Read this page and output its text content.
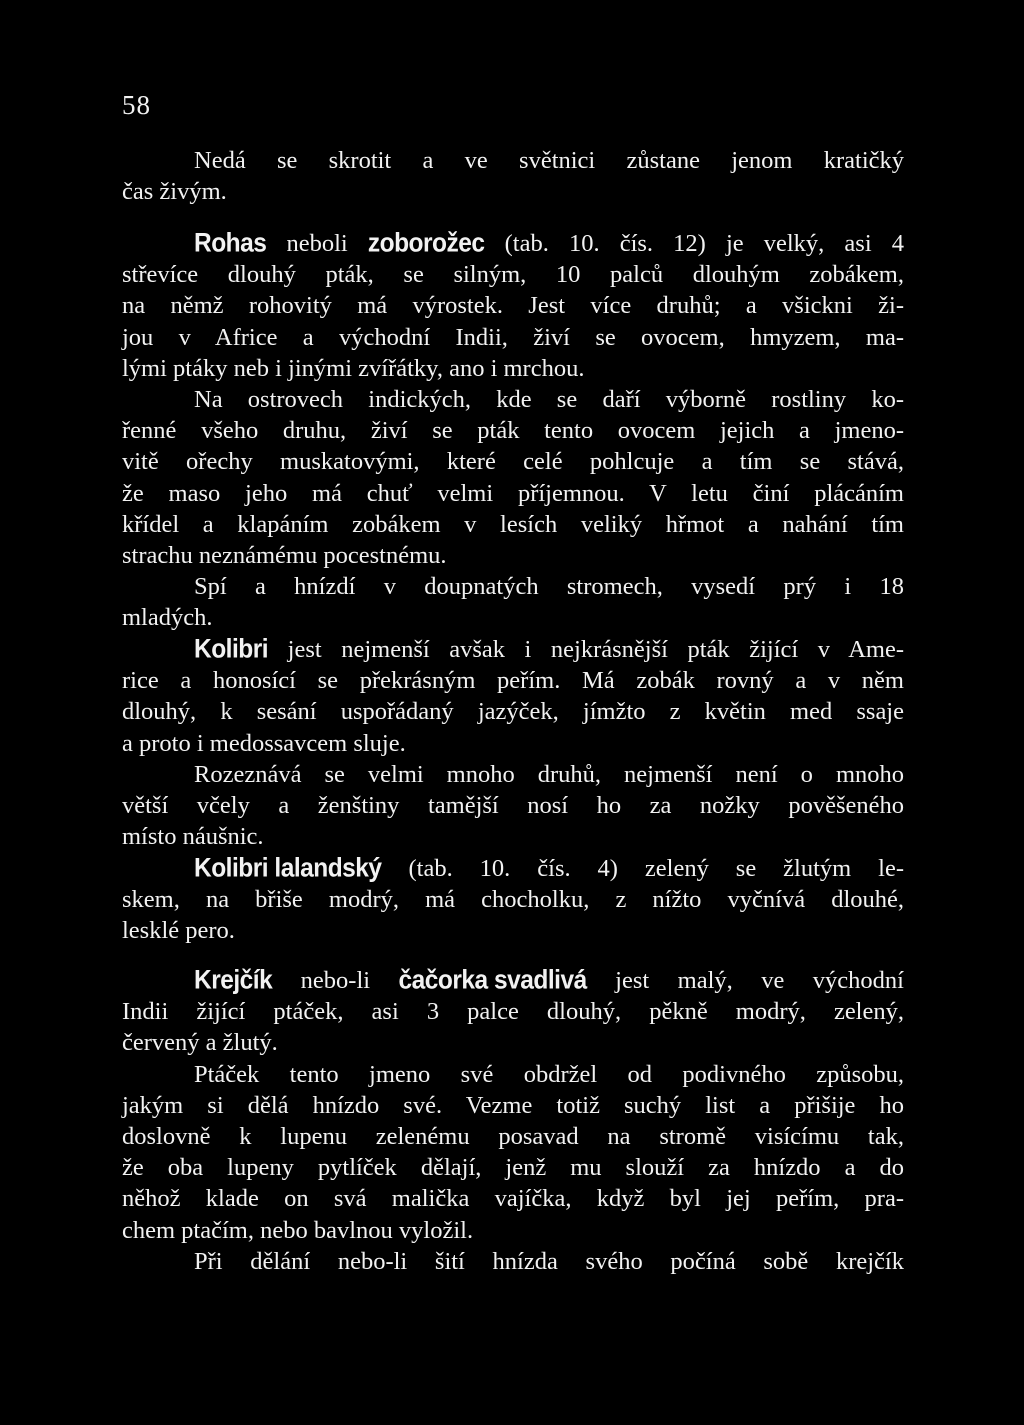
58
Nedá se skrotit a ve světnici zůstane jenom kratičký
čas živým.
Rohas neboli zoborožec (tab. 10. čís. 12) je velký, asi 4
střevíce dlouhý pták, se silným, 10 palců dlouhým zobákem,
na němž rohovitý má výrostek. Jest více druhů; a všickni ži-
jou v Africe a východní Indii, živí se ovocem, hmyzem, ma-
lými ptáky neb i jinými zvířátky, ano i mrchou.
Na ostrovech indických, kde se daří výborně rostliny ko-
řenné všeho druhu, živí se pták tento ovocem jejich a jmeno-
vitě ořechy muskatovými, které celé pohlcuje a tím se stává,
že maso jeho má chuť velmi příjemnou. V letu činí plácáním
křídel a klapáním zobákem v lesích veliký hřmot a nahání tím
strachu neznámému pocestnému.
Spí a hnízdí v doupnatých stromech, vysedí prý i 18
mladých.
Kolibri jest nejmenší avšak i nejkrásnější pták žijící v Ame-
rice a honosící se překrásným peřím. Má zobák rovný a v něm
dlouhý, k sesání uspořádaný jazýček, jímžto z květin med ssaje
a proto i medossavcem sluje.
Rozeznává se velmi mnoho druhů, nejmenší není o mnoho
větší včely a ženštiny tamější nosí ho za nožky pověšeného
místo náušnic.
Kolibri lalandský (tab. 10. čís. 4) zelený se žlutým le-
skem, na břiše modrý, má chocholku, z nížto vyčnívá dlouhé,
lesklé pero.
Krejčík nebo-li čačorka svadlivá jest malý, ve východní
Indii žijící ptáček, asi 3 palce dlouhý, pěkně modrý, zelený,
červený a žlutý.
Ptáček tento jmeno své obdržel od podivného způsobu,
jakým si dělá hnízdo své. Vezme totiž suchý list a přišije ho
doslovně k lupenu zelenému posavad na stromě visícímu tak,
že oba lupeny pytlíček dělají, jenž mu slouží za hnízdo a do
něhož klade on svá malička vajíčka, když byl jej peřím, pra-
chem ptačím, nebo bavlnou vyložil.
Při dělání nebo-li šití hnízda svého počíná sobě krejčík
